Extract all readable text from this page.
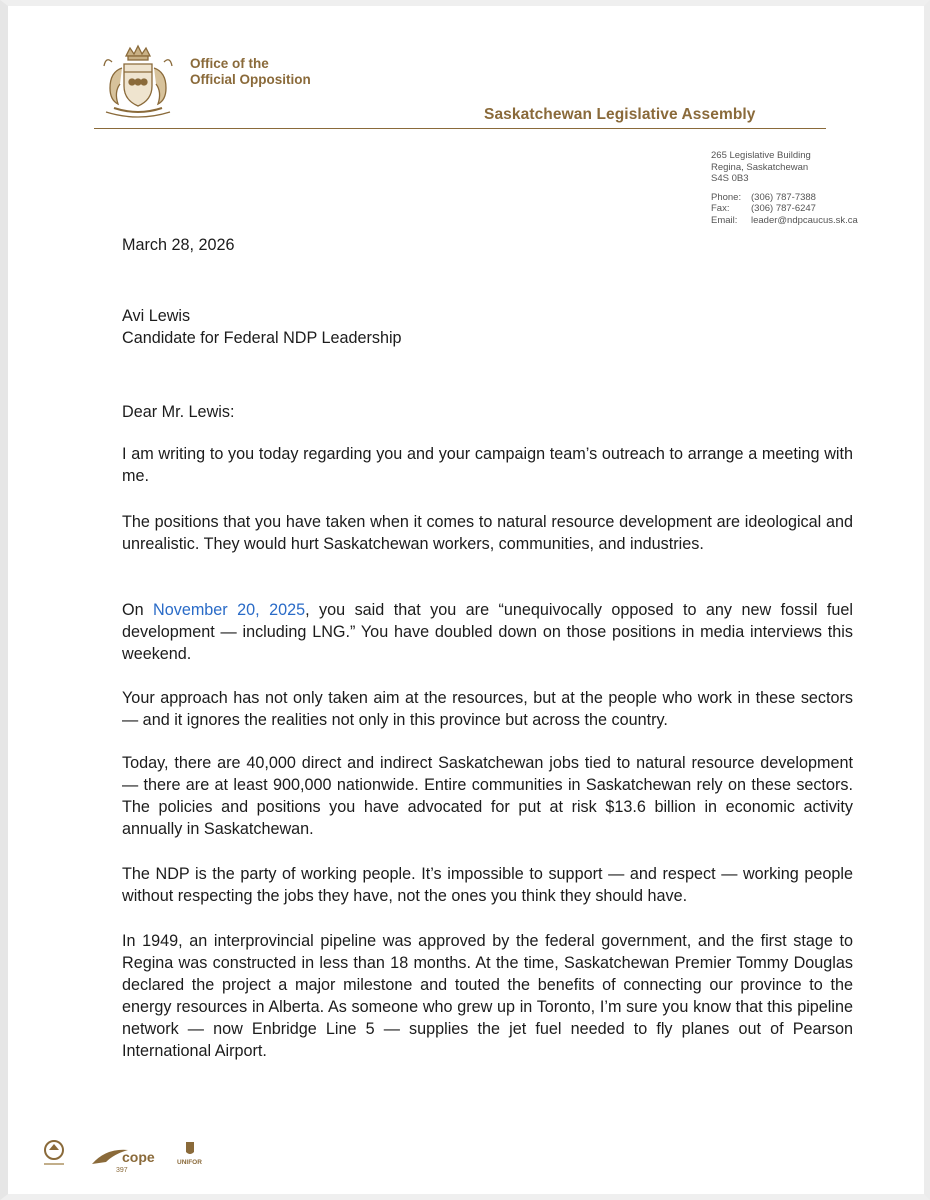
Office of the
Official Opposition
Saskatchewan Legislative Assembly
265 Legislative Building
Regina, Saskatchewan
S4S 0B3
Phone:	(306) 787-7388
Fax:	(306) 787-6247
Email:	leader@ndpcaucus.sk.ca
March 28, 2026
Avi Lewis
Candidate for Federal NDP Leadership
Dear Mr. Lewis:

I am writing to you today regarding you and your campaign team’s outreach to arrange a meeting with me.

The positions that you have taken when it comes to natural resource development are ideological and unrealistic. They would hurt Saskatchewan workers, communities, and industries.

On November 20, 2025, you said that you are “unequivocally opposed to any new fossil fuel development — including LNG.” You have doubled down on those positions in media interviews this weekend.

Your approach has not only taken aim at the resources, but at the people who work in these sectors — and it ignores the realities not only in this province but across the country.

Today, there are 40,000 direct and indirect Saskatchewan jobs tied to natural resource development — there are at least 900,000 nationwide. Entire communities in Saskatchewan rely on these sectors. The policies and positions you have advocated for put at risk $13.6 billion in economic activity annually in Saskatchewan.

The NDP is the party of working people. It’s impossible to support — and respect — working people without respecting the jobs they have, not the ones you think they should have.

In 1949, an interprovincial pipeline was approved by the federal government, and the first stage to Regina was constructed in less than 18 months. At the time, Saskatchewan Premier Tommy Douglas declared the project a major milestone and touted the benefits of connecting our province to the energy resources in Alberta. As someone who grew up in Toronto, I’m sure you know that this pipeline network — now Enbridge Line 5 — supplies the jet fuel needed to fly planes out of Pearson International Airport.

cope
397
UNIFOR
